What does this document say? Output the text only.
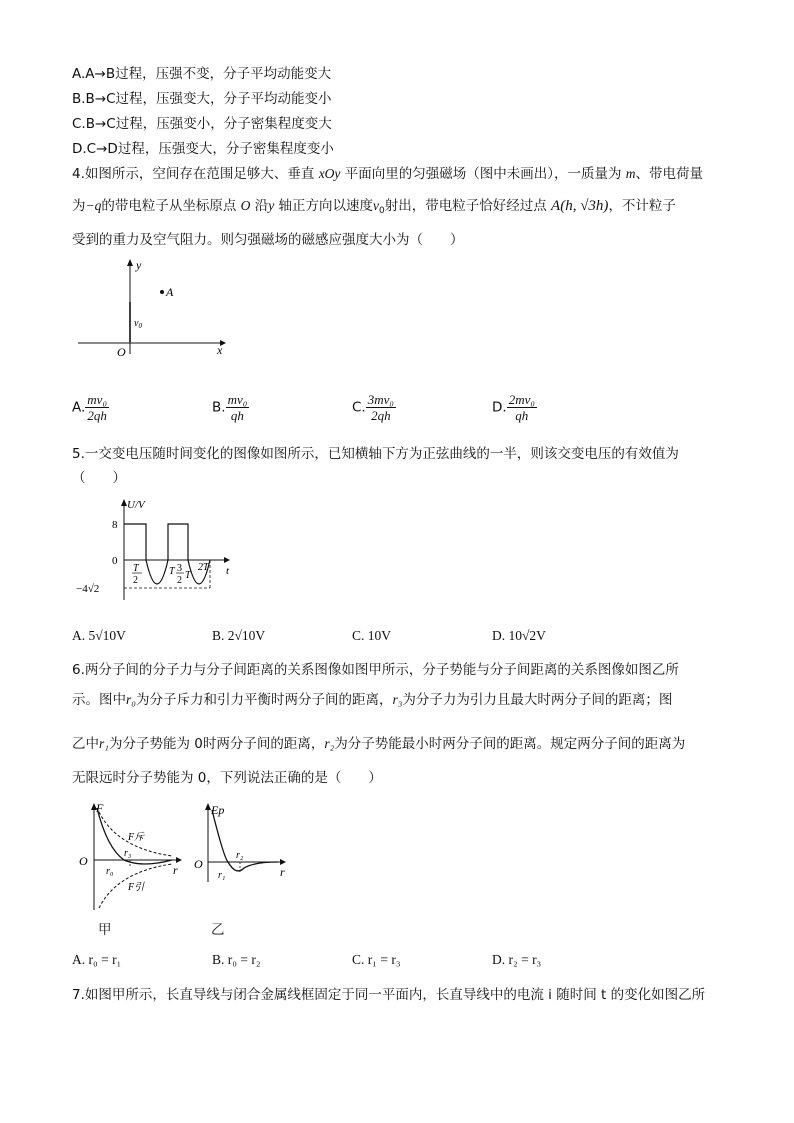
A.A→B过程，压强不变，分子平均动能变大
B.B→C过程，压强变大，分子平均动能变小
C.B→C过程，压强变小，分子密集程度变大
D.C→D过程，压强变大，分子密集程度变小
4.如图所示，空间存在范围足够大、垂直 xOy 平面向里的匀强磁场（图中未画出），一质量为 m、带电荷量
为−q的带电粒子从坐标原点 O 沿y 轴正方向以速度$v_0$射出，带电粒子恰好经过点 A(h, √3h)，不计粒子
受到的重力及空气阻力。则匀强磁场的磁感应强度大小为（　　）
y
x
O
A
$v_0$
A. $\frac{\text{mv₀}}{2qh}$	B. $\frac{\text{mv₀}}{qh}$	C. $\frac{\text{3mv₀}}{2qh}$	D. $\frac{\text{2mv₀}}{qh}$
5.一交变电压随时间变化的图像如图所示，已知横轴下方为正弦曲线的一半，则该交变电压的有效值为
（　　）
U/V
t
8
0
−4√2
T
2
T 3
2 T
2T
A. 5√10V	B. 2√10V	C. 10V	D. 10√2V
6.两分子间的分子力与分子间距离的关系图像如图甲所示，分子势能与分子间距离的关系图像如图乙所
示。图中r₀为分子斥力和引力平衡时两分子间的距离，r₃为分子力为引力且最大时两分子间的距离；图
乙中r₁为分子势能为 0时两分子间的距离，r₂为分子势能最小时两分子间的距离。规定两分子间的距离为
无限远时分子势能为 0，下列说法正确的是（　　）
F
O
r
F斥
F引
r₀
r₃
甲
Ep
O
r
r₁
r₂
乙
A. r₀ = r₁	B. r₀ = r₂	C. r₁ = r₃	D. r₂ = r₃
7.如图甲所示，长直导线与闭合金属线框固定于同一平面内，长直导线中的电流 i 随时间 t 的变化如图乙所
